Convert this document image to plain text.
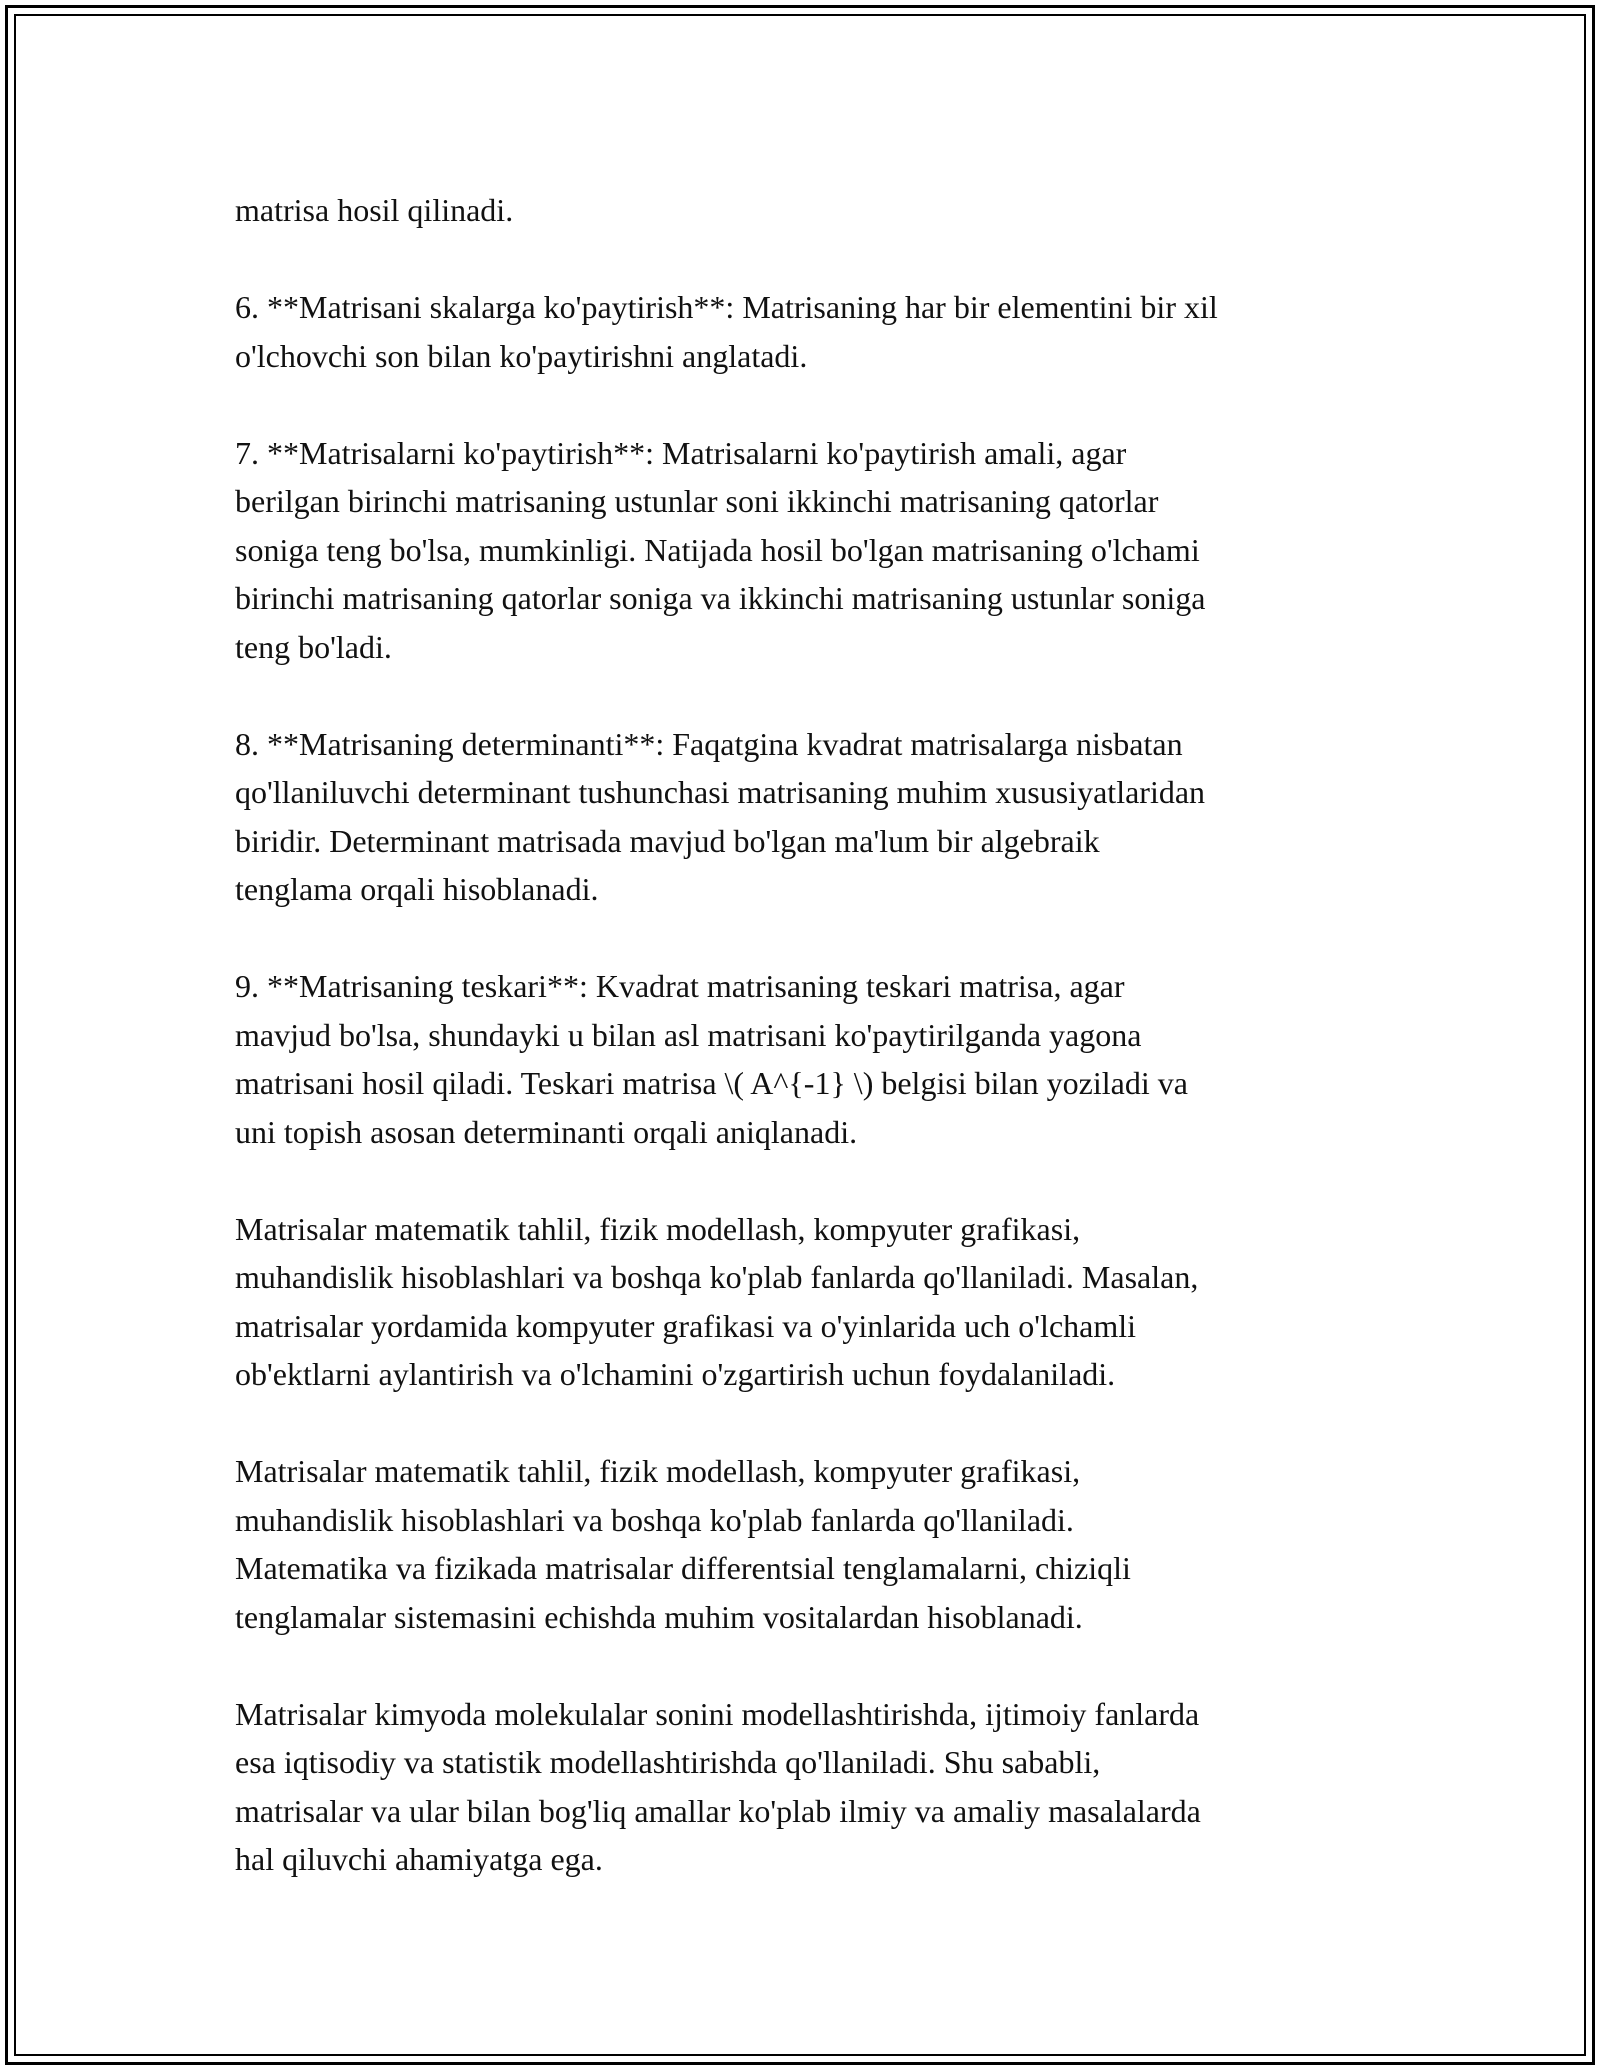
matrisa hosil qilinadi.

6. **Matrisani skalarga ko'paytirish**: Matrisaning har bir elementini bir xil
o'lchovchi son bilan ko'paytirishni anglatadi.

7. **Matrisalarni ko'paytirish**: Matrisalarni ko'paytirish amali, agar
berilgan birinchi matrisaning ustunlar soni ikkinchi matrisaning qatorlar
soniga teng bo'lsa, mumkinligi. Natijada hosil bo'lgan matrisaning o'lchami
birinchi matrisaning qatorlar soniga va ikkinchi matrisaning ustunlar soniga
teng bo'ladi.

8. **Matrisaning determinanti**: Faqatgina kvadrat matrisalarga nisbatan
qo'llaniluvchi determinant tushunchasi matrisaning muhim xususiyatlaridan
biridir. Determinant matrisada mavjud bo'lgan ma'lum bir algebraik
tenglama orqali hisoblanadi.

9. **Matrisaning teskari**: Kvadrat matrisaning teskari matrisa, agar
mavjud bo'lsa, shundayki u bilan asl matrisani ko'paytirilganda yagona
matrisani hosil qiladi. Teskari matrisa \( A^{-1} \) belgisi bilan yoziladi va
uni topish asosan determinanti orqali aniqlanadi.

Matrisalar matematik tahlil, fizik modellash, kompyuter grafikasi,
muhandislik hisoblashlari va boshqa ko'plab fanlarda qo'llaniladi. Masalan,
matrisalar yordamida kompyuter grafikasi va o'yinlarida uch o'lchamli
ob'ektlarni aylantirish va o'lchamini o'zgartirish uchun foydalaniladi.

Matrisalar matematik tahlil, fizik modellash, kompyuter grafikasi,
muhandislik hisoblashlari va boshqa ko'plab fanlarda qo'llaniladi.
Matematika va fizikada matrisalar differentsial tenglamalarni, chiziqli
tenglamalar sistemasini echishda muhim vositalardan hisoblanadi.

Matrisalar kimyoda molekulalar sonini modellashtirishda, ijtimoiy fanlarda
esa iqtisodiy va statistik modellashtirishda qo'llaniladi. Shu sababli,
matrisalar va ular bilan bog'liq amallar ko'plab ilmiy va amaliy masalalarda
hal qiluvchi ahamiyatga ega.
